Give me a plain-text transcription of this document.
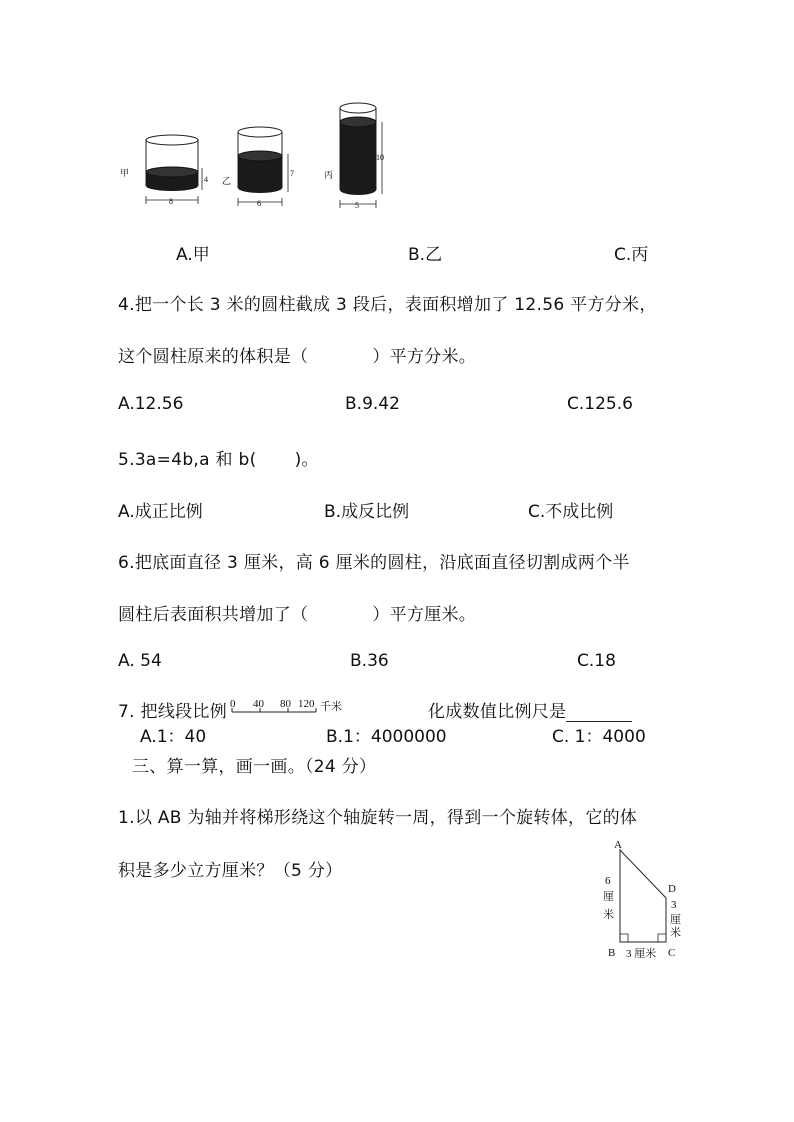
甲
4
8
乙
7
6
丙
10
5
A.甲	B.乙	C.丙
4.把一个长 3 米的圆柱截成 3 段后，表面积增加了 12.56 平方分米，
这个圆柱原来的体积是（	）平方分米。
A.12.56	B.9.42	C.125.6
5.3a=4b,a 和 b( )。
A.成正比例	B.成反比例	C.不成比例
6.把底面直径 3 厘米，高 6 厘米的圆柱，沿底面直径切割成两个半
圆柱后表面积共增加了（	）平方厘米。
A. 54	B.36	C.18
7. 把线段比例 0 40 80 120 千米	化成数值比例尺是
A.1：40	B.1：4000000	C. 1：4000
三、算一算，画一画。（24 分）
1.以 AB 为轴并将梯形绕这个轴旋转一周，得到一个旋转体，它的体
积是多少立方厘米？（5 分）
A
D
B	C
6
厘
米
3
厘
米
3 厘米
